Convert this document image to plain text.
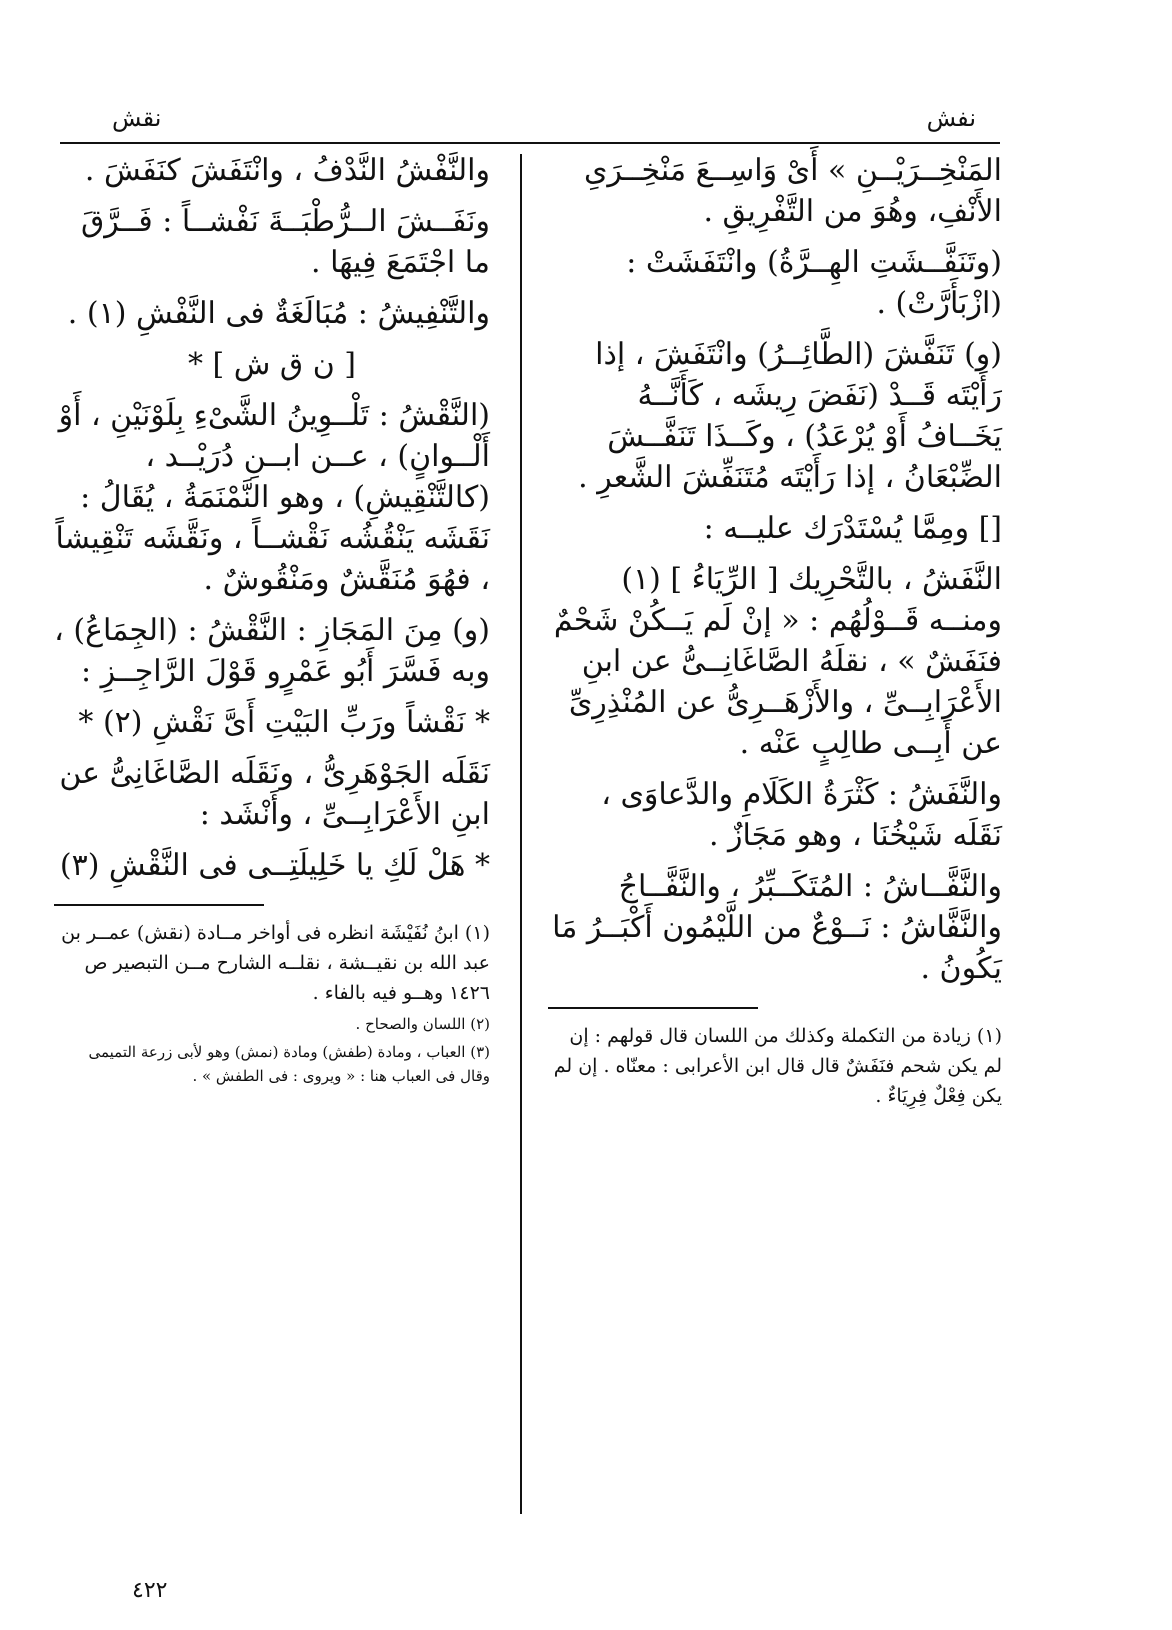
نفش
نقش

المَنْخِــرَيْــنِ » أَىْ وَاسِــعَ مَنْخِــرَىِ الأَنْفِ، وهُوَ من التَّفْرِيقِ .

(وتَنَفَّــشَتِ الهِــرَّةُ) وانْتَفَشَتْ : (ازْبَأَرَّتْ) .

(و) تَنَفَّشَ (الطَّائِــرُ) وانْتَفَشَ ، إذا رَأَيْتَه قَــدْ (نَفَضَ رِيشَه ، كَأَنَّــهُ يَخَــافُ أَوْ يُرْعَدُ) ، وكَــذَا تَنَفَّــشَ الضِّبْعَانُ ، إذا رَأَيْتَه مُتَنَفِّشَ الشَّعرِ .

[] ومِمَّا يُسْتَدْرَك عليــه :

النَّفَشُ ، بالتَّحْرِيك [ الرِّيَاءُ ] (١) ومنــه قَــوْلُهُم : « إنْ لَم يَــكُنْ شَحْمٌ فنَفَشٌ » ، نقلَهُ الصَّاغَانِــىُّ عن ابنِ الأَعْرَابِــىِّ ، والأَزْهَــرِىُّ عن المُنْذِرِىِّ عن أَبِــى طالِبٍ عَنْه .

والنَّفَشُ : كَثْرَةُ الكَلَامِ والدَّعاوَى ، نَقَلَه شَيْخُنَا ، وهو مَجَازٌ .

والنَّفَّــاشُ : المُتَكَــبِّرُ ، والنَّفَّــاجُ والنَّفَّاشُ : نَــوْعٌ من اللَّيْمُون أَكْبَــرُ مَا يَكُونُ .

(١) زيادة من التكملة وكذلك من اللسان قال قولهم : إن لم يكن شحم فنَفَشٌ قال قال ابن الأعرابى : معنّاه . إن لم يكن فِعْلٌ فِرِيَاءٌ .

والنَّفْشُ النَّدْفُ ، وانْتَفَشَ كنَفَشَ .

ونَفَــشَ الــرُّطْبَــةَ نَفْشــاً : فَــرَّقَ ما اجْتَمَعَ فِيهَا .

والتَّنْفِيشُ : مُبَالَغَةٌ فى النَّفْشِ (١) .

[ ن ق ش ] *

(النَّقْشُ : تَلْــوِينُ الشَّىْءِ بِلَوْنَيْنِ ، أَوْ أَلْــوانٍ) ، عــن ابــنِ دُرَيْــد ، (كالتَّنْقِيشِ) ، وهو النَّمْنَمَةُ ، يُقَالُ : نَقَشَه يَنْقُشُه نَقْشــاً ، ونَقَّشَه تَنْقِيشاً ، فهُوَ مُنَقَّشٌ ومَنْقُوشٌ .

(و) مِنَ المَجَازِ : النَّقْشُ : (الجِمَاعُ) ، وبه فَسَّرَ أَبُو عَمْرٍو قَوْلَ الرَّاجِــزِ :

* نَقْشاً ورَبِّ البَيْتِ أَىَّ نَقْشِ (٢) *

نَقَلَه الجَوْهَرِىُّ ، ونَقَلَه الصَّاغَانِىُّ عن ابنِ الأَعْرَابِــىِّ ، وأَنْشَد :

* هَلْ لَكِ يا خَلِيلَتِــى فى النَّقْشِ (٣)

(١) ابنُ نُفَيْشَة انظره فى أواخر مــادة (نقش) عمــر بن عبد الله بن نقيــشة ، نقلــه الشارح مــن التبصير ص ١٤٢٦ وهــو فيه بالفاء .

(٢) اللسان والصحاح .

(٣) العباب ، ومادة (طفش) ومادة (نمش) وهو لأبى زرعة التميمى وقال فى العباب هنا : « ويروى : فى الطفش » .

٤٢٢
